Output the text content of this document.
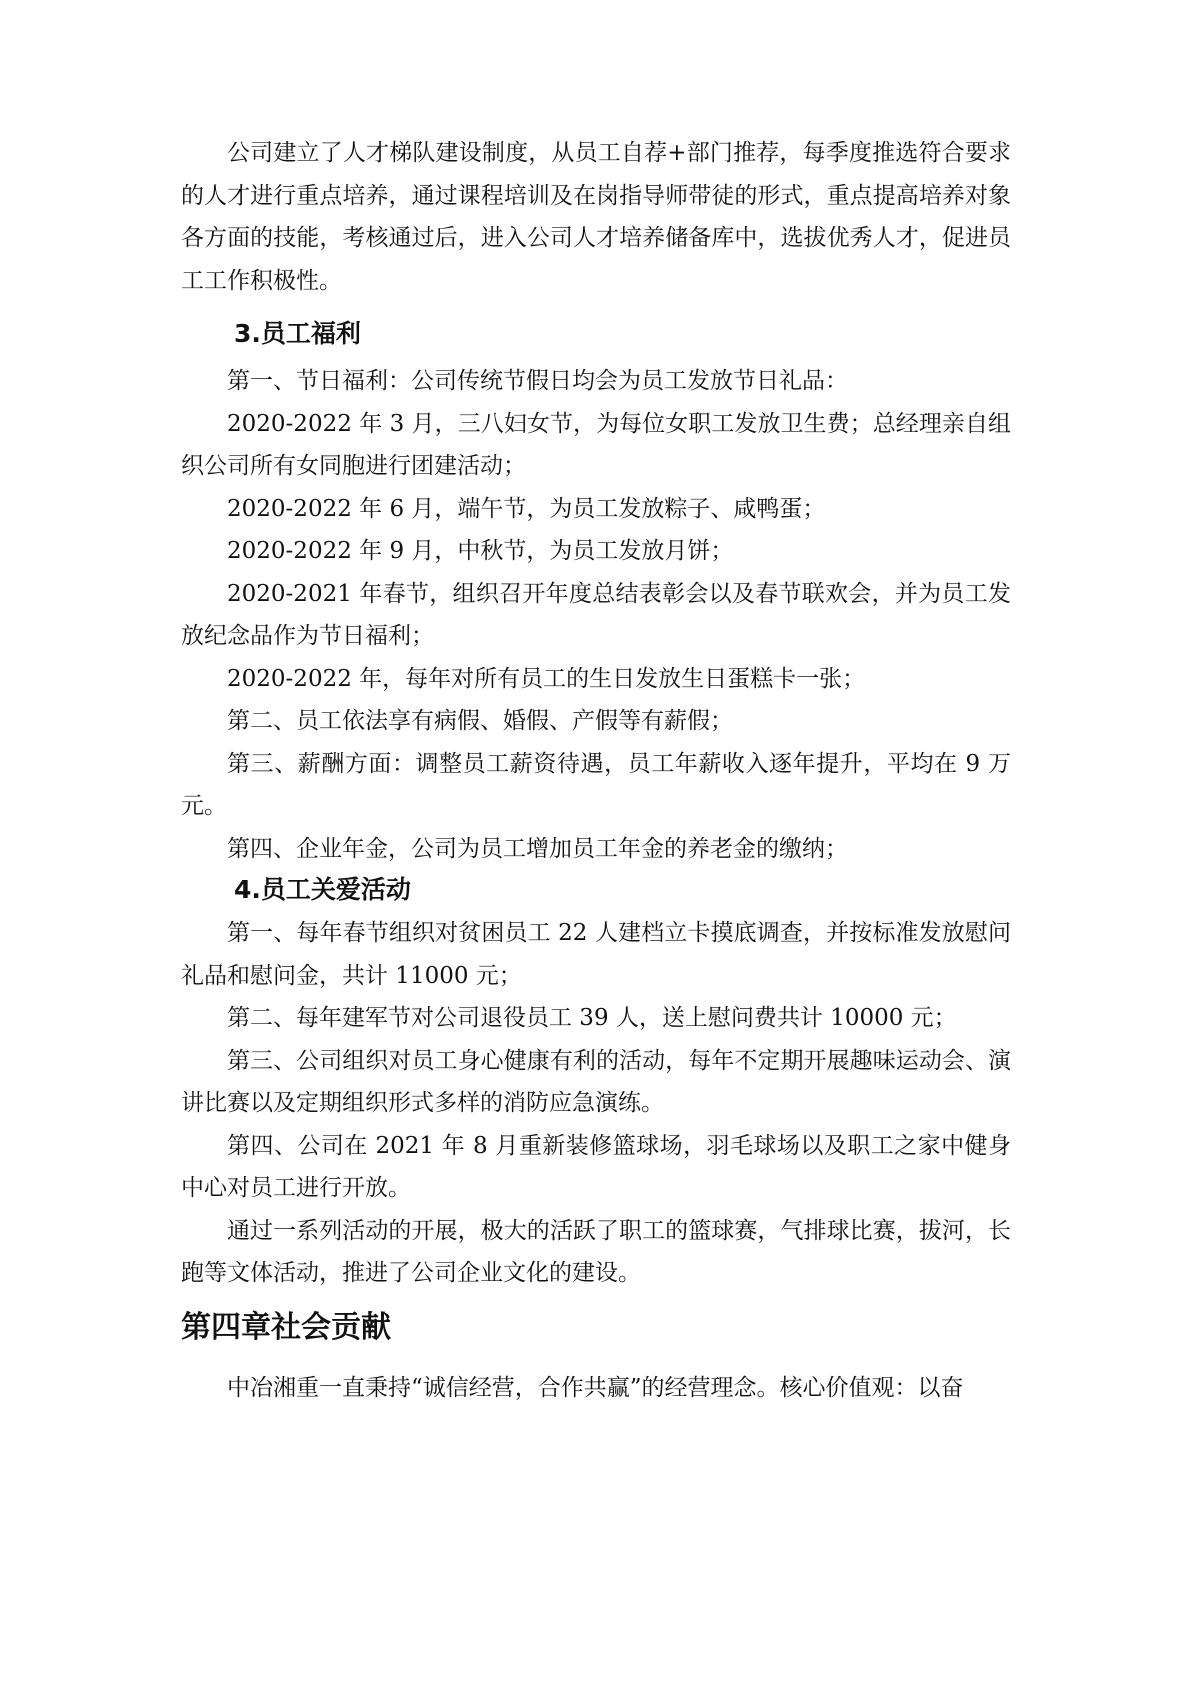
公司建立了人才梯队建设制度，从员工自荐+部门推荐，每季度推选符合要求的人才进行重点培养，通过课程培训及在岗指导师带徒的形式，重点提高培养对象各方面的技能，考核通过后，进入公司人才培养储备库中，选拔优秀人才，促进员工工作积极性。

3.员工福利

第一、节日福利：公司传统节假日均会为员工发放节日礼品：

2020-2022 年 3 月，三八妇女节，为每位女职工发放卫生费；总经理亲自组织公司所有女同胞进行团建活动；

2020-2022 年 6 月，端午节，为员工发放粽子、咸鸭蛋；

2020-2022 年 9 月，中秋节，为员工发放月饼；

2020-2021 年春节，组织召开年度总结表彰会以及春节联欢会，并为员工发放纪念品作为节日福利；

2020-2022 年，每年对所有员工的生日发放生日蛋糕卡一张；

第二、员工依法享有病假、婚假、产假等有薪假；

第三、薪酬方面：调整员工薪资待遇，员工年薪收入逐年提升，平均在 9 万元。

第四、企业年金，公司为员工增加员工年金的养老金的缴纳；

4.员工关爱活动

第一、每年春节组织对贫困员工 22 人建档立卡摸底调查，并按标准发放慰问礼品和慰问金，共计 11000 元；

第二、每年建军节对公司退役员工 39 人，送上慰问费共计 10000 元；

第三、公司组织对员工身心健康有利的活动，每年不定期开展趣味运动会、演讲比赛以及定期组织形式多样的消防应急演练。

第四、公司在 2021 年 8 月重新装修篮球场，羽毛球场以及职工之家中健身中心对员工进行开放。

通过一系列活动的开展，极大的活跃了职工的篮球赛，气排球比赛，拔河，长跑等文体活动，推进了公司企业文化的建设。

第四章社会贡献

中冶湘重一直秉持“诚信经营，合作共赢”的经营理念。核心价值观：以奋
